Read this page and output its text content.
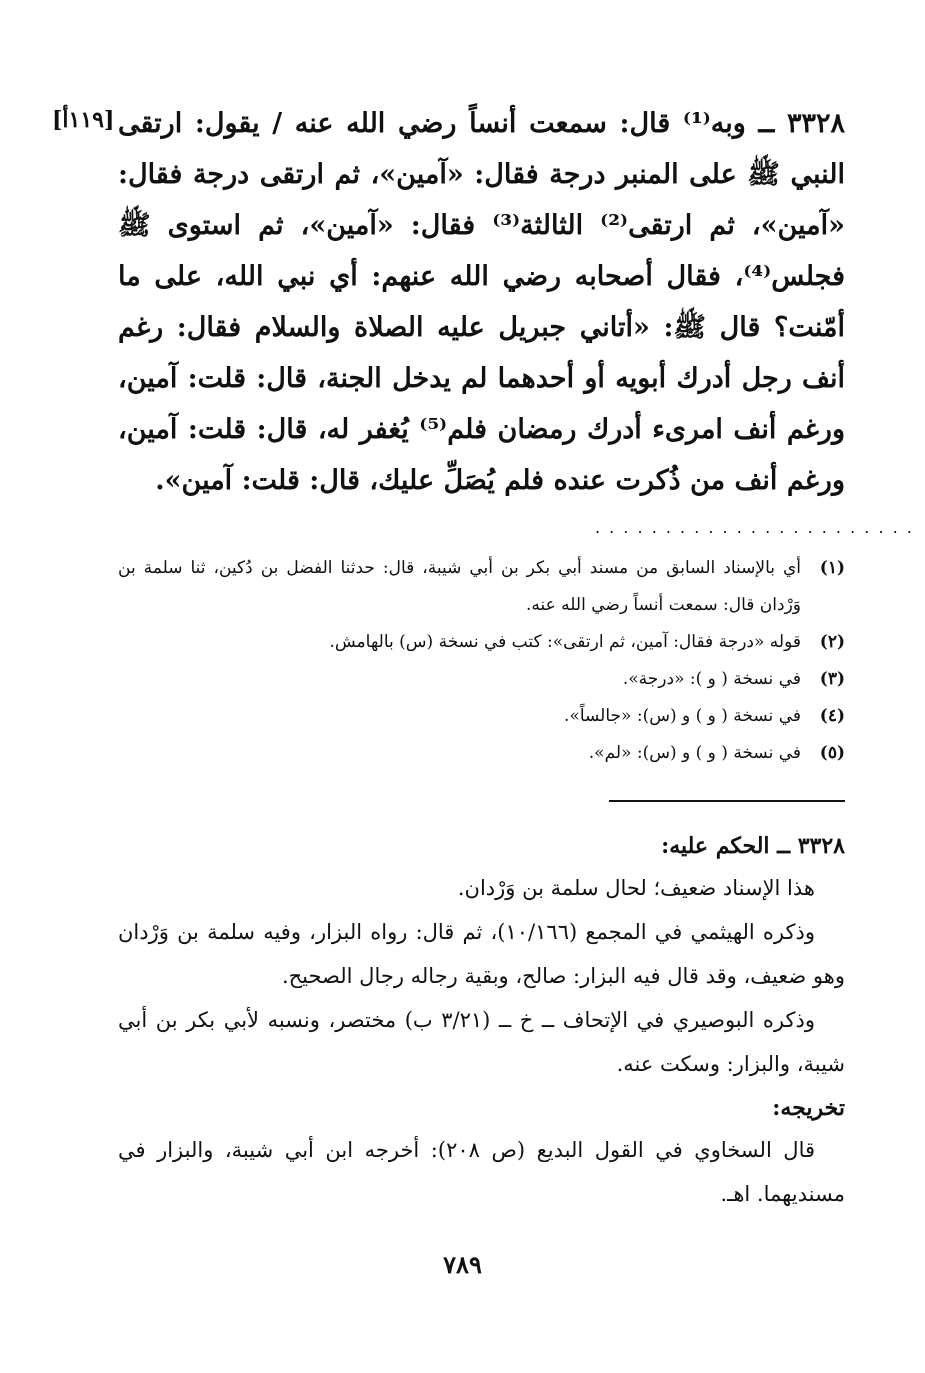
[١١٩أ] ٣٣٢٨ ــ وبه⁽¹⁾ قال: سمعت أنساً رضي الله عنه / يقول: ارتقى النبي ﷺ على المنبر درجة فقال: «آمين»، ثم ارتقى درجة فقال: «آمين»، ثم ارتقى⁽²⁾ الثالثة⁽³⁾ فقال: «آمين»، ثم استوى ﷺ فجلس⁽⁴⁾، فقال أصحابه رضي الله عنهم: أي نبي الله، على ما أمّنت؟ قال ﷺ: «أتاني جبريل عليه الصلاة والسلام فقال: رغم أنف رجل أدرك أبويه أو أحدهما لم يدخل الجنة، قال: قلت: آمين، ورغم أنف امرىء أدرك رمضان فلم⁽⁵⁾ يُغفر له، قال: قلت: آمين، ورغم أنف من ذُكرت عنده فلم يُصَلِّ عليك، قال: قلت: آمين».
. . . . . . . . . . . . . . . . . . . . . . .
(١)
أي بالإسناد السابق من مسند أبي بكر بن أبي شيبة، قال: حدثنا الفضل بن دُكين، ثنا سلمة بن وَرْدان قال: سمعت أنساً رضي الله عنه.
(٢)
قوله «درجة فقال: آمين، ثم ارتقى»: كتب في نسخة (س) بالهامش.
(٣)
في نسخة ( و ): «درجة».
(٤)
في نسخة ( و ) و (س): «جالساً».
(٥)
في نسخة ( و ) و (س): «لم».
٣٣٢٨ ــ الحكم عليه:
هذا الإسناد ضعيف؛ لحال سلمة بن وَرْدان.
وذكره الهيثمي في المجمع (١٠/١٦٦)، ثم قال: رواه البزار، وفيه سلمة بن وَرْدان وهو ضعيف، وقد قال فيه البزار: صالح، وبقية رجاله رجال الصحيح.
وذكره البوصيري في الإتحاف ــ خ ــ (٣/٢١ ب) مختصر، ونسبه لأبي بكر بن أبي شيبة، والبزار: وسكت عنه.
تخريجه:
قال السخاوي في القول البديع (ص ٢٠٨): أخرجه ابن أبي شيبة، والبزار في مسنديهما. اهـ.
٧٨٩
